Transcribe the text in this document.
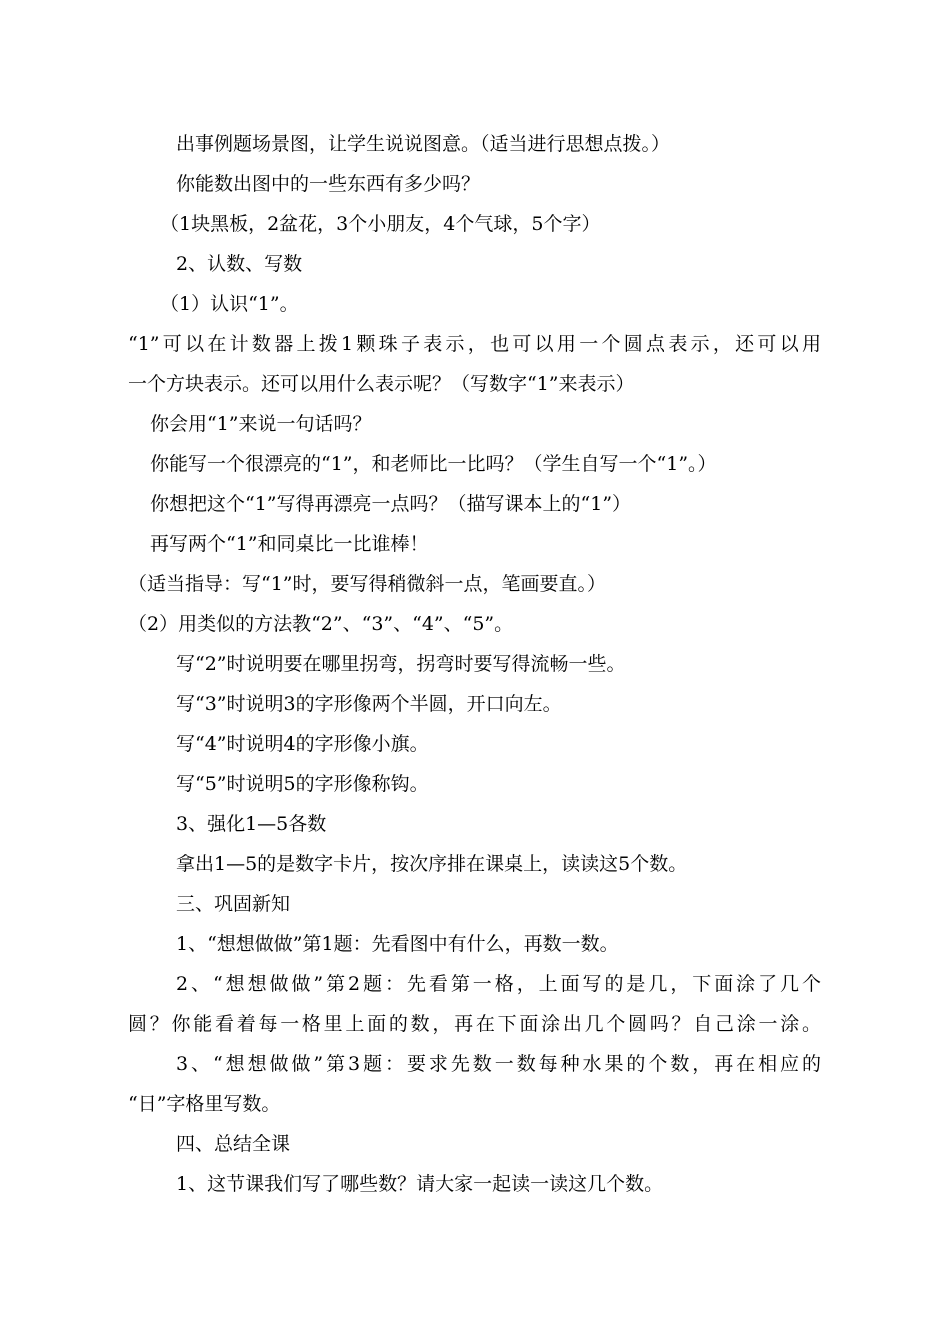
出事例题场景图，让学生说说图意。（适当进行思想点拨。）
你能数出图中的一些东西有多少吗？
（1块黑板，2盆花，3个小朋友，4个气球，5个字）
2、认数、写数
（1）认识“1”。
“1”可以在计数器上拨1颗珠子表示，也可以用一个圆点表示，还可以用
一个方块表示。还可以用什么表示呢？（写数字“1”来表示）
你会用“1”来说一句话吗？
你能写一个很漂亮的“1”，和老师比一比吗？（学生自写一个“1”。）
你想把这个“1”写得再漂亮一点吗？（描写课本上的“1”）
再写两个“1”和同桌比一比谁棒！
（适当指导：写“1”时，要写得稍微斜一点，笔画要直。）
（2）用类似的方法教“2”、“3”、“4”、“5”。
写“2”时说明要在哪里拐弯，拐弯时要写得流畅一些。
写“3”时说明3的字形像两个半圆，开口向左。
写“4”时说明4的字形像小旗。
写“5”时说明5的字形像称钩。
3、强化1—5各数
拿出1—5的是数字卡片，按次序排在课桌上，读读这5个数。
三、巩固新知
1、“想想做做”第1题：先看图中有什么，再数一数。
2、“想想做做”第2题：先看第一格，上面写的是几，下面涂了几个
圆？你能看着每一格里上面的数，再在下面涂出几个圆吗？自己涂一涂。
3、“想想做做”第3题：要求先数一数每种水果的个数，再在相应的
“日”字格里写数。
四、总结全课
1、这节课我们写了哪些数？请大家一起读一读这几个数。
